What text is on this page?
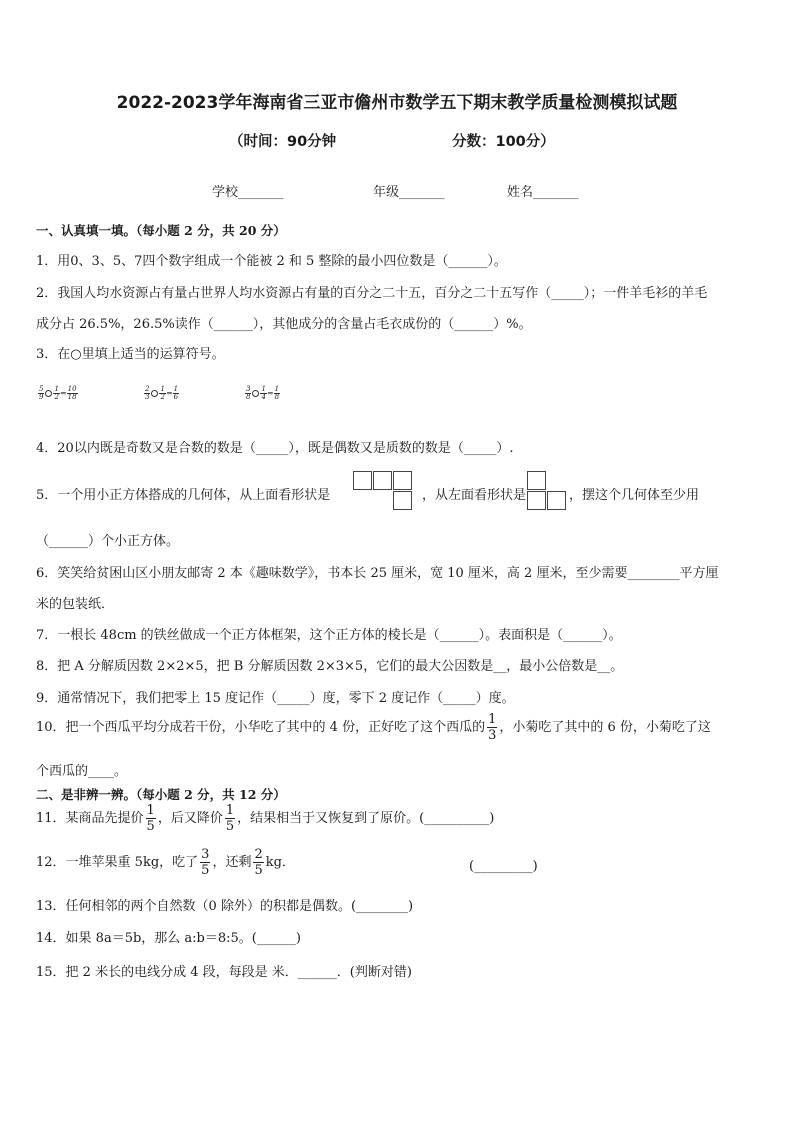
2022-2023学年海南省三亚市儋州市数学五下期末教学质量检测模拟试题
（时间：90分钟	分数：100分）
学校_______	年级_______	姓名_______
一、认真填一填。（每小题 2 分，共 20 分）
1．用0、3、5、7四个数字组成一个能被 2 和 5 整除的最小四位数是（______）。
2．我国人均水资源占有量占世界人均水资源占有量的百分之二十五，百分之二十五写作（_____）；一件羊毛衫的羊毛
成分占 26.5%，26.5%读作（______），其他成分的含量占毛衣成份的（______）%。
3．在○里填上适当的运算符号。
$\frac{5}{9} \frac{1}{2} = \frac{10}{18}$	$\frac{2}{3} \frac{1}{2} = \frac{1}{6}$	$\frac{3}{8} \frac{1}{4} = \frac{1}{8}$
4．20以内既是奇数又是合数的数是（_____），既是偶数又是质数的数是（_____）.
5．一个用小正方体搭成的几何体，从上面看形状是	，从左面看形状是	，摆这个几何体至少用
（______）个小正方体。
6．笑笑给贫困山区小朋友邮寄 2 本《趣味数学》，书本长 25 厘米，宽 10 厘米，高 2 厘米，至少需要________平方厘
米的包装纸．
7．一根长 48cm 的铁丝做成一个正方体框架，这个正方体的棱长是（______）。表面积是（______）。
8．把 A 分解质因数 2×2×5，把 B 分解质因数 2×3×5，它们的最大公因数是__，最小公倍数是__。
9．通常情况下，我们把零上 15 度记作（_____）度，零下 2 度记作（_____）度。
10．把一个西瓜平均分成若干份，小华吃了其中的 4 份，正好吃了这个西瓜的 $\frac{1}{3}$ ，小菊吃了其中的 6 份，小菊吃了这
个西瓜的____。
二、是非辨一辨。（每小题 2 分，共 12 分）
11．某商品先提价 $\frac{1}{5}$ ，后又降价 $\frac{1}{5}$ ，结果相当于又恢复到了原价。(__________)
12．一堆苹果重 5kg，吃了 $\frac{3}{5}$ ，还剩 $\frac{2}{5}$ kg．	(_________)
13．任何相邻的两个自然数（0 除外）的积都是偶数。(________)
14．如果 8a＝5b，那么 a:b＝8:5。(______)
15．把 2 米长的电线分成 4 段，每段是 米．______．(判断对错)
